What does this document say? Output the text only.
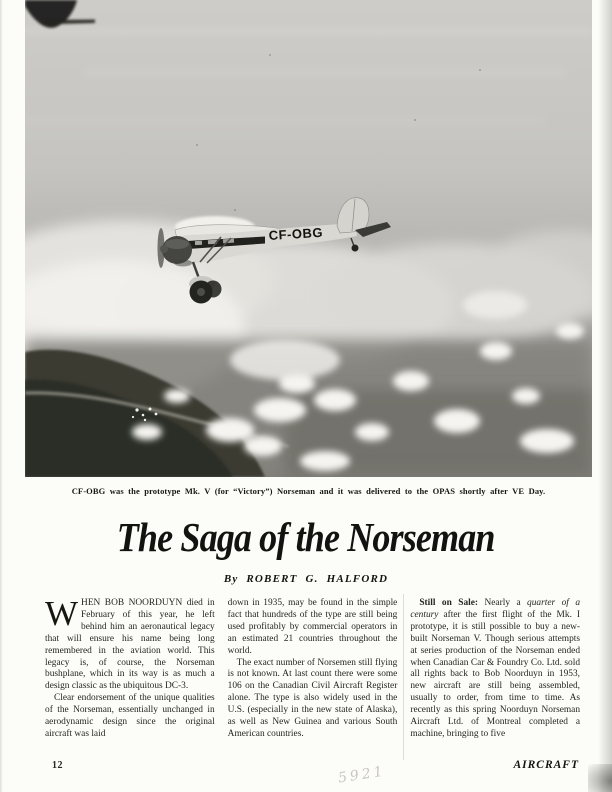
CF-OBG
CF-OBG was the prototype Mk. V (for “Victory”) Norseman and it was delivered to the OPAS shortly after VE Day.
The Saga of the Norseman
By ROBERT G. HALFORD

WHEN BOB NOORDUYN died in February of this year, he left behind him an aeronautical legacy that will ensure his name being long remembered in the aviation world. This legacy is, of course, the Norseman bushplane, which in its way is as much a design classic as the ubiquitous DC-3.

Clear endorsement of the unique qualities of the Norseman, essentially unchanged in aerodynamic design since the original aircraft was laid

down in 1935, may be found in the simple fact that hundreds of the type are still being used profitably by commercial operators in an estimated 21 countries throughout the world.

The exact number of Norsemen still flying is not known. At last count there were some 106 on the Canadian Civil Aircraft Register alone. The type is also widely used in the U.S. (especially in the new state of Alaska), as well as New Guinea and various South American countries.

Still on Sale: Nearly a quarter of a century after the first flight of the Mk. I prototype, it is still possible to buy a new-built Norseman V. Though serious attempts at series production of the Norseman ended when Canadian Car & Foundry Co. Ltd. sold all rights back to Bob Noorduyn in 1953, new aircraft are still being assembled, usually to order, from time to time. As recently as this spring Noorduyn Norseman Aircraft Ltd. of Montreal completed a machine, bringing to five

12	AIRCRAFT
5921
